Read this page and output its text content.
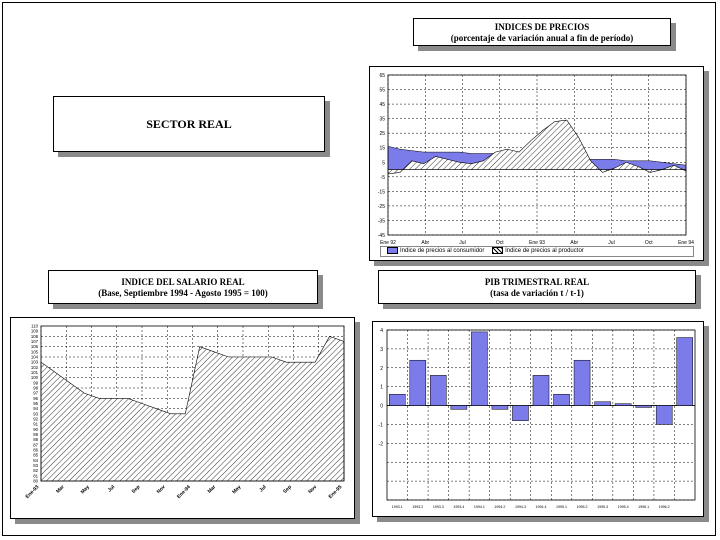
SECTOR REAL
INDICES DE PRECIOS
(porcentaje de variación anual a fin de período)
INDICE DEL SALARIO REAL
(Base, Septiembre 1994 - Agosto 1995 = 100)
PIB TRIMESTRAL REAL
(tasa de variación t / t-1)
65
55
45
35
25
15
5
-5
-15
-25
-35
-45
Ene 92	Abr	Jul	Oct	Ene 93	Abr	Jul	Oct	Ene 94
Indice de precios al consumidor	Indice de precios al productor
110
109
108
107
106
105
104
103
102
101
100
99
98
97
96
95
94
93
92
91
90
89
88
87
86
85
84
83
82
81
80
Ene-93	Mar	May	Jul	Sep	Nov Ene-94	Mar	May	Jul	Sep	Nov Ene-95
4
3
2
1
0
-1
-2
1993.1	1993.2	1993.3	1993.4	1994.1	1994.2	1994.3	1994.4	1995.1	1995.2	1995.3	1995.4	1996.1	1996.2
